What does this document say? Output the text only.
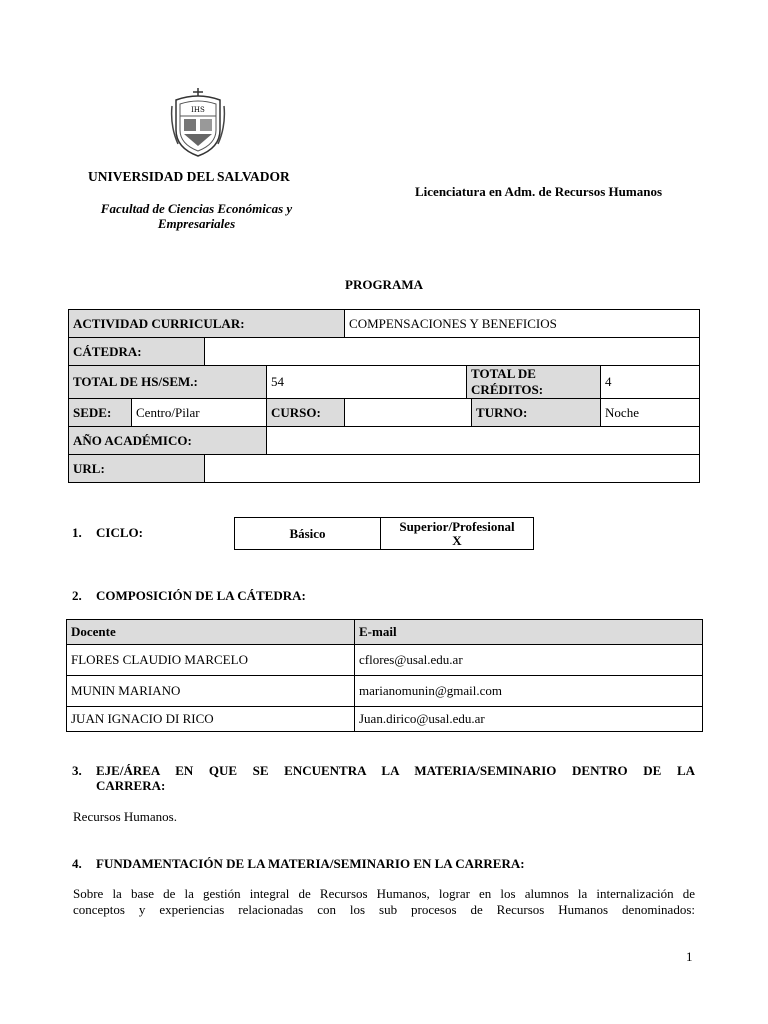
IHS
UNIVERSIDAD DEL SALVADOR
Facultad de Ciencias Económicas y
Empresariales
Licenciatura en Adm. de Recursos Humanos
PROGRAMA
ACTIVIDAD CURRICULAR:				COMPENSACIONES Y BENEFICIOS			
CÁTEDRA:							
TOTAL DE HS/SEM.:			54		TOTAL DE CRÉDITOS:		4
SEDE:	Centro/Pilar		CURSO:			TURNO:	Noche
AÑO ACADÉMICO:							
URL:							
1. CICLO:	Básico	Superior/Profesional
X
2. COMPOSICIÓN DE LA CÁTEDRA:
Docente	E-mail
FLORES CLAUDIO MARCELO	cflores@usal.edu.ar
MUNIN MARIANO	marianomunin@gmail.com
JUAN IGNACIO DI RICO	Juan.dirico@usal.edu.ar
3.	EJE/ÁREA EN QUE SE ENCUENTRA LA MATERIA/SEMINARIO DENTRO DE LA
CARRERA:
Recursos Humanos.
4. FUNDAMENTACIÓN DE LA MATERIA/SEMINARIO EN LA CARRERA:
Sobre la base de la gestión integral de Recursos Humanos, lograr en los alumnos la internalización de
conceptos y experiencias relacionadas con los sub procesos de Recursos Humanos denominados:
1
